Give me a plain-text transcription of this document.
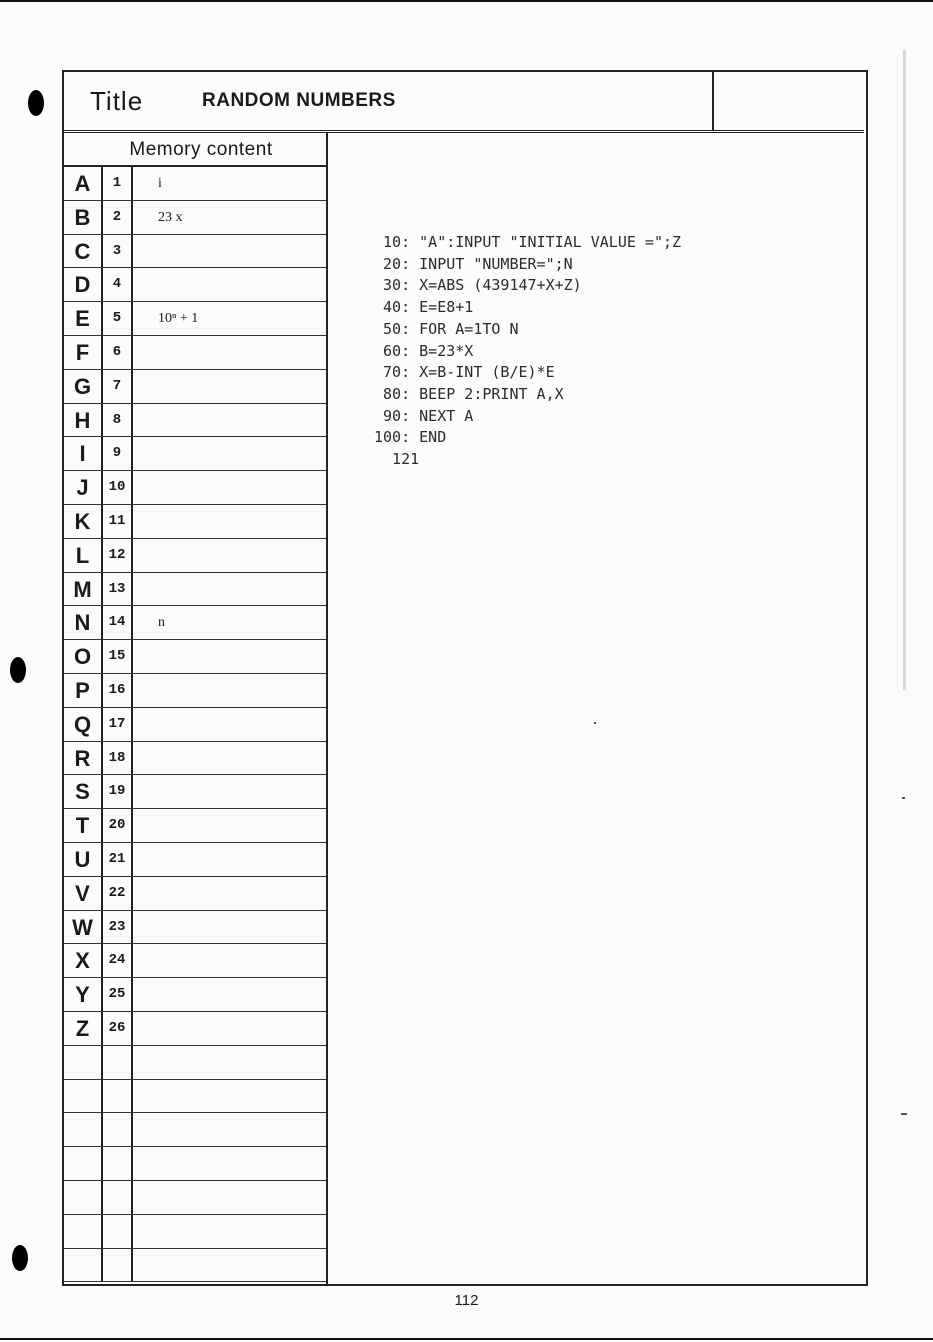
Title	RANDOM NUMBERS
Memory content
A	1	i
B	2	23 x
C	3
D	4
E	5	10ⁿ + 1
F	6
G	7
H	8
I	9
J	10
K	11
L	12
M	13
N	14	n
O	15
P	16
Q	17
R	18
S	19
T	20
U	21
V	22
W	23
X	24
Y	25
Z	26
10: "A":INPUT "INITIAL VALUE =";Z
20: INPUT "NUMBER=";N
30: X=ABS (439147+X+Z)
40: E=E8+1
50: FOR A=1TO N
60: B=23*X
70: X=B-INT (B/E)*E
80: BEEP 2:PRINT A,X
90: NEXT A
100: END
121
112
